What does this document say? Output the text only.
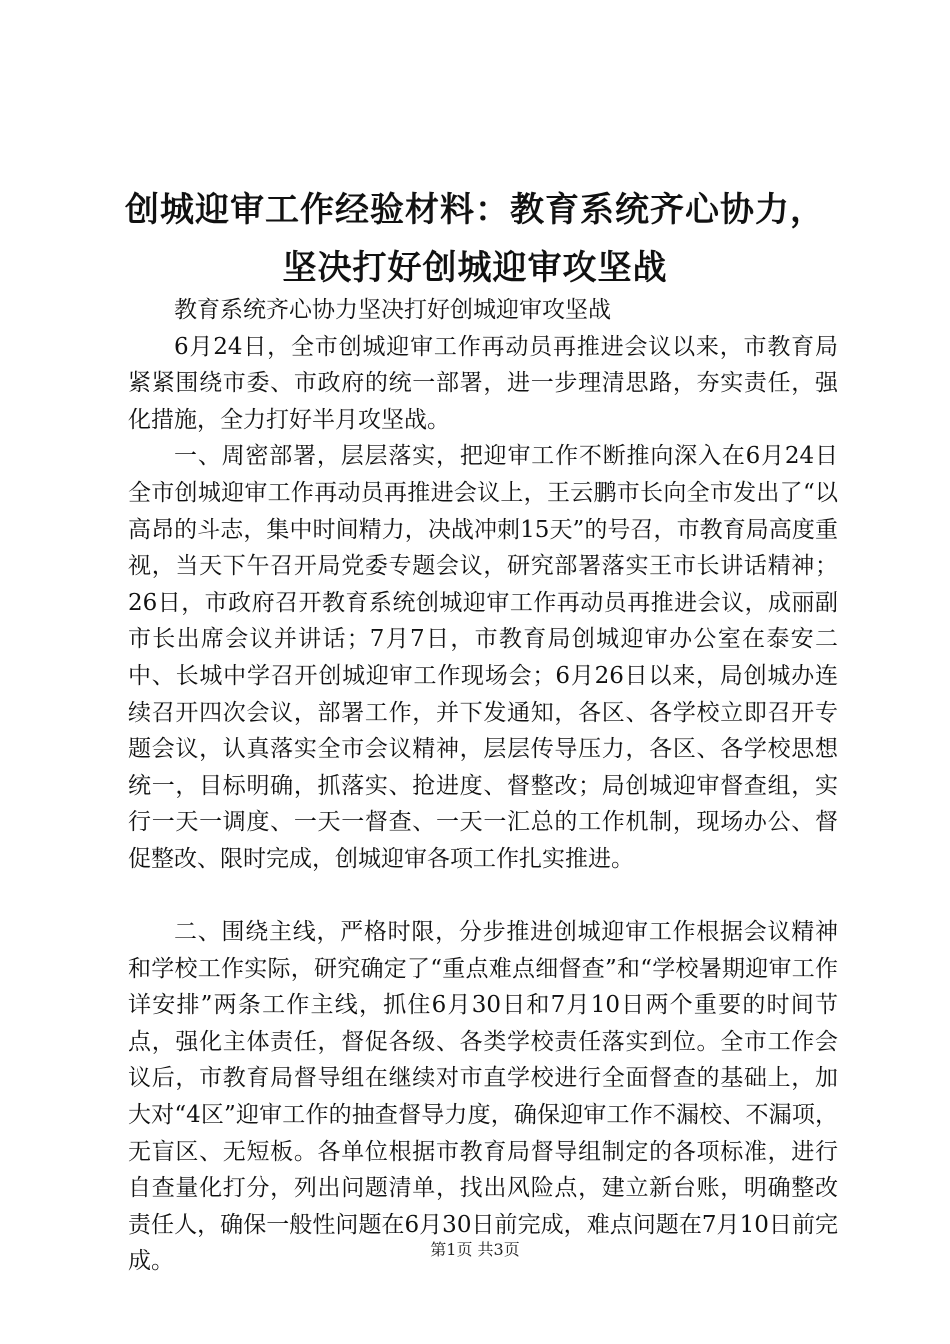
创城迎审工作经验材料：教育系统齐心协力，
坚决打好创城迎审攻坚战

教育系统齐心协力坚决打好创城迎审攻坚战

6月24日，全市创城迎审工作再动员再推进会议以来，市教育局紧紧围绕市委、市政府的统一部署，进一步理清思路，夯实责任，强化措施，全力打好半月攻坚战。

一、周密部署，层层落实，把迎审工作不断推向深入在6月24日全市创城迎审工作再动员再推进会议上，王云鹏市长向全市发出了“以高昂的斗志，集中时间精力，决战冲刺15天”的号召，市教育局高度重视，当天下午召开局党委专题会议，研究部署落实王市长讲话精神；26日，市政府召开教育系统创城迎审工作再动员再推进会议，成丽副市长出席会议并讲话；7月7日，市教育局创城迎审办公室在泰安二中、长城中学召开创城迎审工作现场会；6月26日以来，局创城办连续召开四次会议，部署工作，并下发通知，各区、各学校立即召开专题会议，认真落实全市会议精神，层层传导压力，各区、各学校思想统一，目标明确，抓落实、抢进度、督整改；局创城迎审督查组，实行一天一调度、一天一督查、一天一汇总的工作机制，现场办公、督促整改、限时完成，创城迎审各项工作扎实推进。

二、围绕主线，严格时限，分步推进创城迎审工作根据会议精神和学校工作实际，研究确定了“重点难点细督查”和“学校暑期迎审工作详安排”两条工作主线，抓住6月30日和7月10日两个重要的时间节点，强化主体责任，督促各级、各类学校责任落实到位。全市工作会议后，市教育局督导组在继续对市直学校进行全面督查的基础上，加大对“4区”迎审工作的抽查督导力度，确保迎审工作不漏校、不漏项，无盲区、无短板。各单位根据市教育局督导组制定的各项标准，进行自查量化打分，列出问题清单，找出风险点，建立新台账，明确整改责任人，确保一般性问题在6月30日前完成，难点问题在7月10日前完成。	第1页 共3页
